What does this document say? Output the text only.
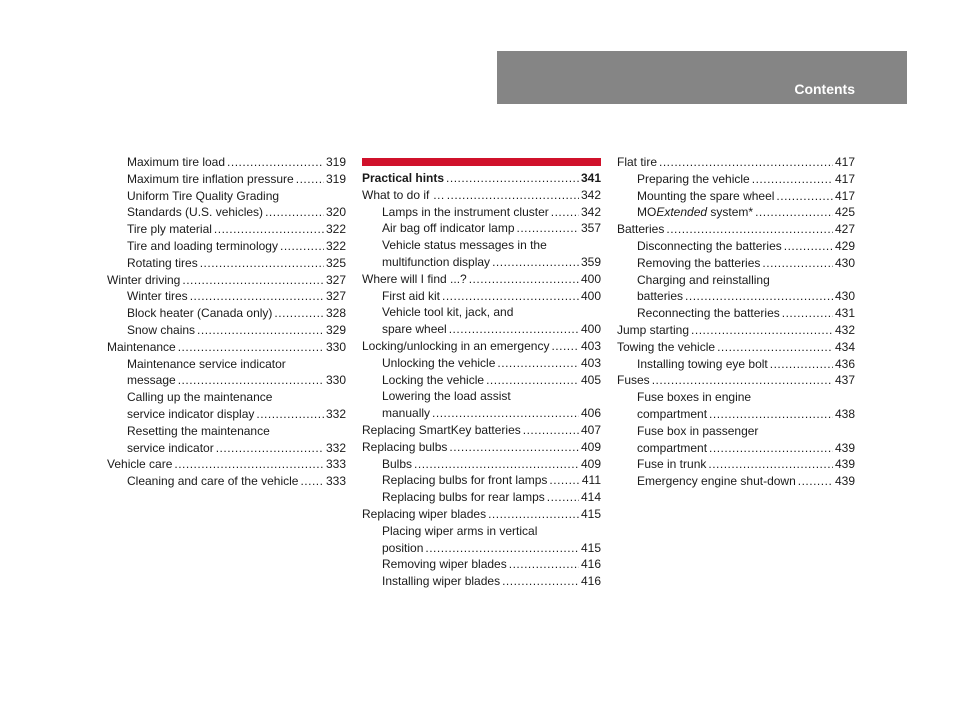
Contents
Maximum tire load .....	319
Maximum tire inflation pressure .....	319
Uniform Tire Quality Grading
Standards (U.S. vehicles) .....	320
Tire ply material .....	322
Tire and loading terminology .....	322
Rotating tires .....	325
Winter driving .....	327
Winter tires .....	327
Block heater (Canada only) .....	328
Snow chains .....	329
Maintenance .....	330
Maintenance service indicator
message .....	330
Calling up the maintenance
service indicator display .....	332
Resetting the maintenance
service indicator .....	332
Vehicle care .....	333
Cleaning and care of the vehicle ..... 333
Practical hints .....	341
What to do if … .....	342
Lamps in the instrument cluster .....	342
Air bag off indicator lamp .....	357
Vehicle status messages in the
multifunction display .....	359
Where will I find ...? .....	400
First aid kit .....	400
Vehicle tool kit, jack, and
spare wheel .....	400
Locking/unlocking in an emergency .....	403
Unlocking the vehicle .....	403
Locking the vehicle .....	405
Lowering the load assist
manually .....	406
Replacing SmartKey batteries .....	407
Replacing bulbs .....	409
Bulbs .....	409
Replacing bulbs for front lamps .....	411
Replacing bulbs for rear lamps .....	414
Replacing wiper blades .....	415
Placing wiper arms in vertical
position .....	415
Removing wiper blades .....	416
Installing wiper blades .....	416
Flat tire .....	417
Preparing the vehicle .....	417
Mounting the spare wheel .....	417
MOExtended system* .....	425
Batteries .....	427
Disconnecting the batteries .....	429
Removing the batteries .....	430
Charging and reinstalling
batteries .....	430
Reconnecting the batteries .....	431
Jump starting .....	432
Towing the vehicle .....	434
Installing towing eye bolt .....	436
Fuses .....	437
Fuse boxes in engine
compartment .....	438
Fuse box in passenger
compartment .....	439
Fuse in trunk .....	439
Emergency engine shut-down .....	439
